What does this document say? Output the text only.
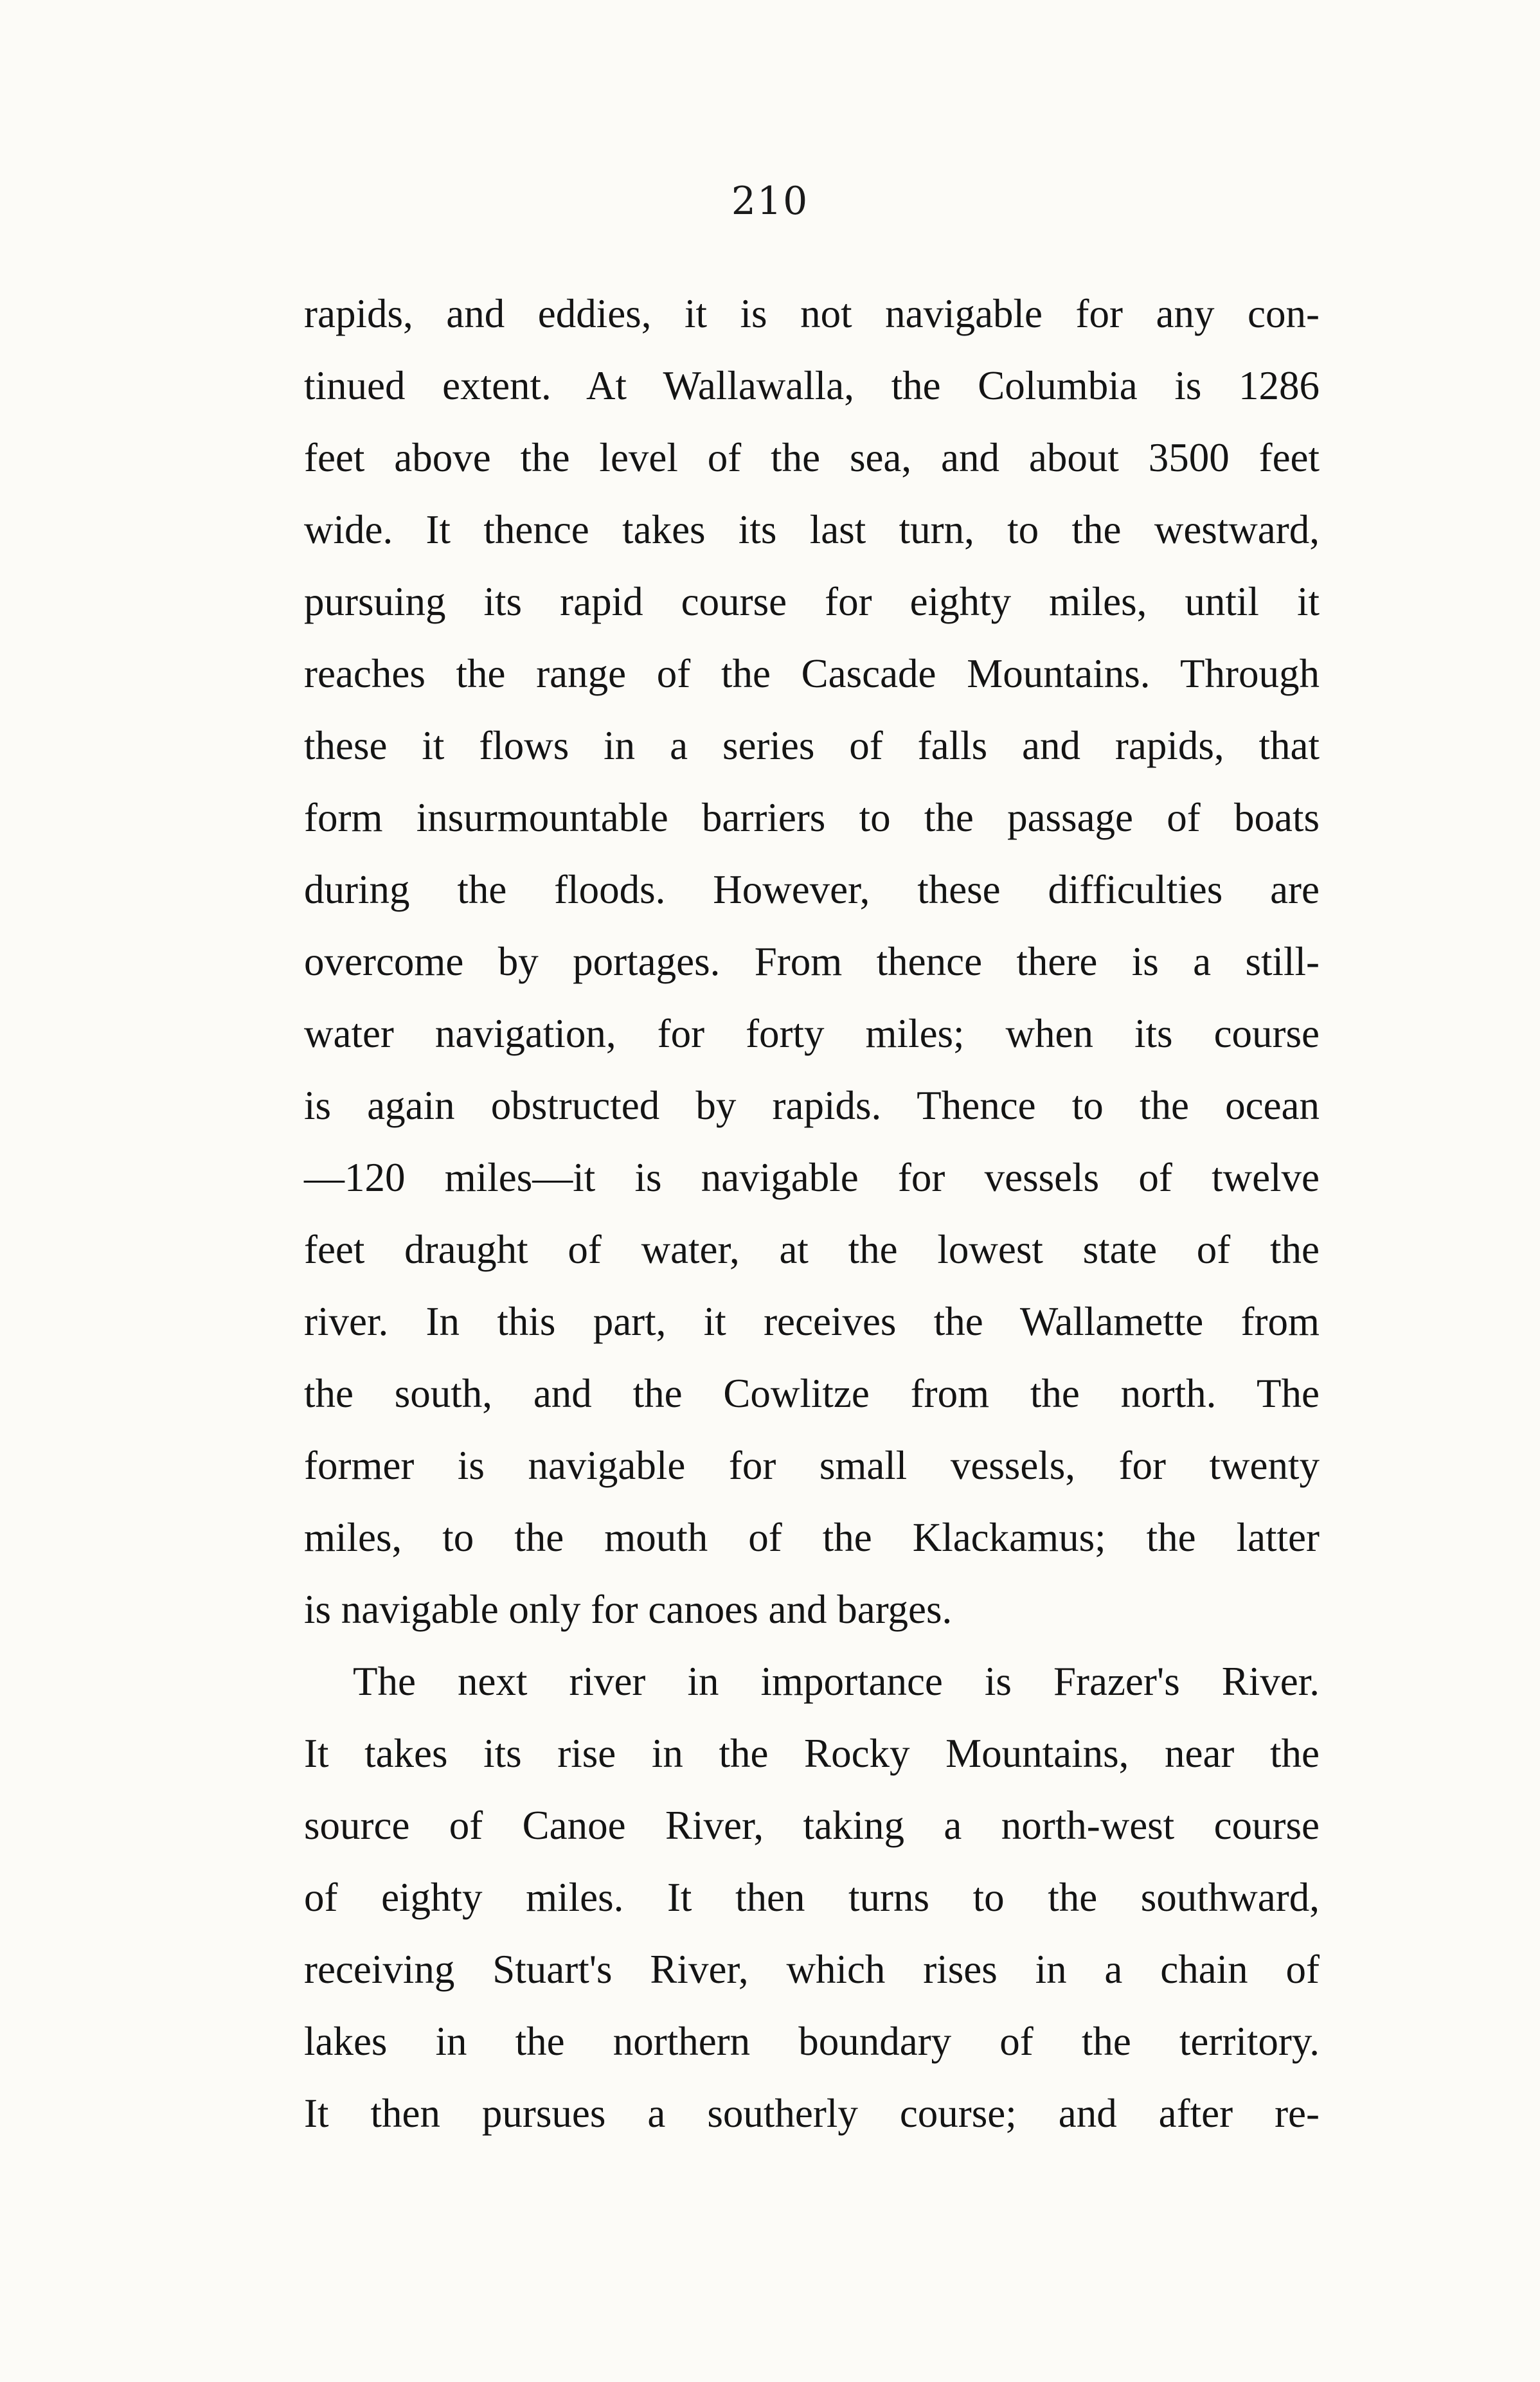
210
rapids, and eddies, it is not navigable for any con-
tinued extent. At Wallawalla, the Columbia is 1286
feet above the level of the sea, and about 3500 feet
wide. It thence takes its last turn, to the westward,
pursuing its rapid course for eighty miles, until it
reaches the range of the Cascade Mountains. Through
these it flows in a series of falls and rapids, that
form insurmountable barriers to the passage of boats
during the floods. However, these difficulties are
overcome by portages. From thence there is a still-
water navigation, for forty miles; when its course
is again obstructed by rapids. Thence to the ocean
—120 miles—it is navigable for vessels of twelve
feet draught of water, at the lowest state of the
river. In this part, it receives the Wallamette from
the south, and the Cowlitze from the north. The
former is navigable for small vessels, for twenty
miles, to the mouth of the Klackamus; the latter
is navigable only for canoes and barges.
The next river in importance is Frazer's River.
It takes its rise in the Rocky Mountains, near the
source of Canoe River, taking a north-west course
of eighty miles. It then turns to the southward,
receiving Stuart's River, which rises in a chain of
lakes in the northern boundary of the territory.
It then pursues a southerly course; and after re-
